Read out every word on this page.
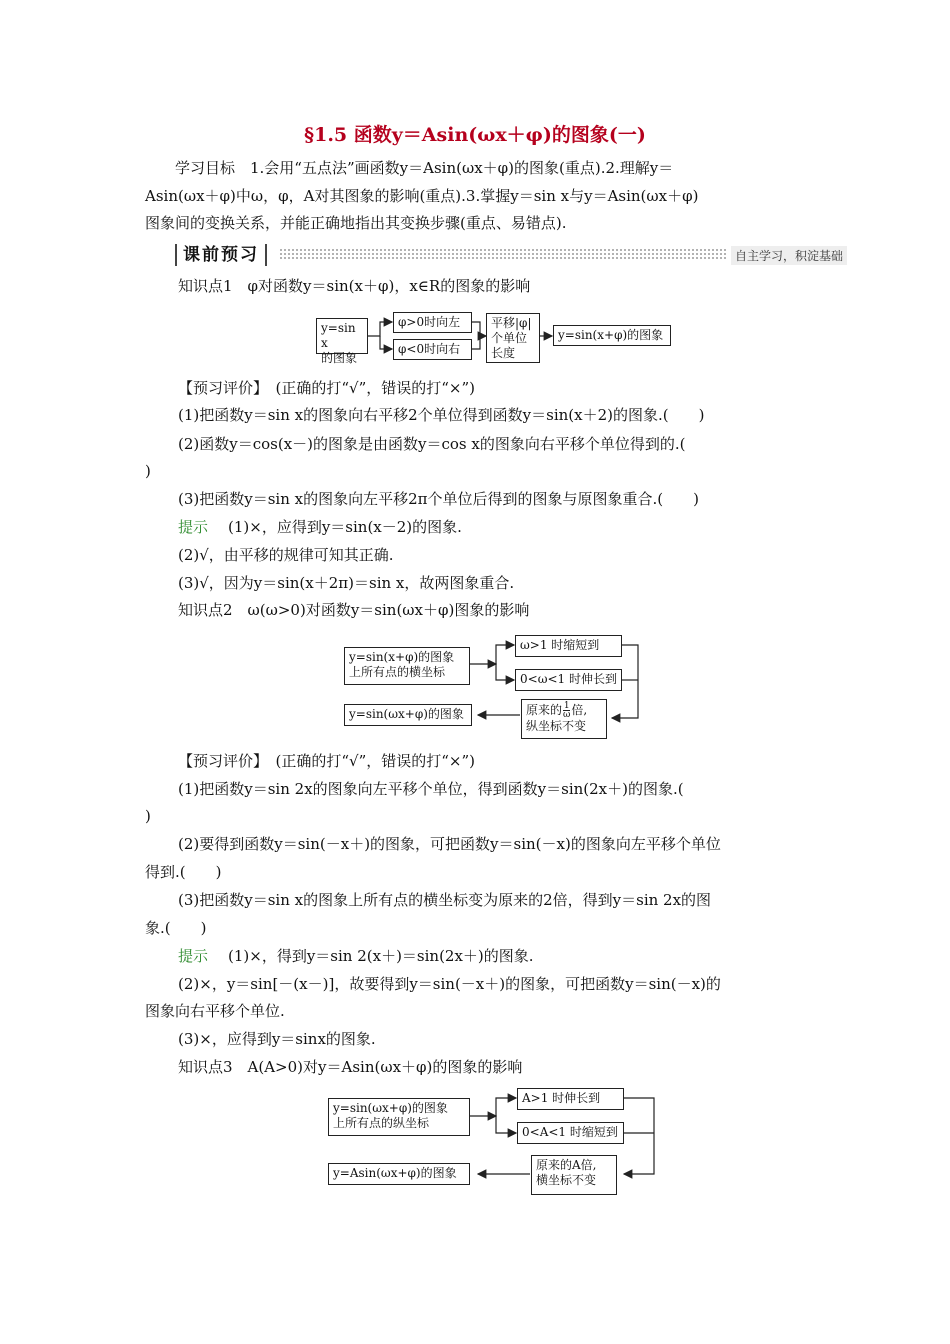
§1.5 函数y＝Asin(ωx＋φ)的图象(一)
学习目标　1.会用“五点法”画函数y＝Asin(ωx＋φ)的图象(重点).2.理解y＝
Asin(ωx＋φ)中ω，φ，A对其图象的影响(重点).3.掌握y＝sin x与y＝Asin(ωx＋φ)
图象间的变换关系，并能正确地指出其变换步骤(重点、易错点).
课前预习	自主学习，积淀基础
知识点1　φ对函数y＝sin(x＋φ)，x∈R的图象的影响
y=sin x
的图象
φ>0时向左
φ<0时向右
平移|φ|
个单位
长度
y=sin(x+φ)的图象
【预习评价】　(正确的打“√”，错误的打“×”)
(1)把函数y＝sin x的图象向右平移2个单位得到函数y＝sin(x＋2)的图象.(　　)
(2)函数y＝cos(x－)的图象是由函数y＝cos x的图象向右平移个单位得到的.(
)
(3)把函数y＝sin x的图象向左平移2π个单位后得到的图象与原图象重合.(　　)
提示 (1)×，应得到y＝sin(x－2)的图象.
(2)√，由平移的规律可知其正确.
(3)√，因为y＝sin(x＋2π)＝sin x，故两图象重合.
知识点2　ω(ω>0)对函数y＝sin(ωx＋φ)图象的影响
y=sin(x+φ)的图象
上所有点的横坐标
ω>1 时缩短到
0<ω<1 时伸长到
原来的 $\frac{1}{\omega}$ 倍,
纵坐标不变
y=sin(ωx+φ)的图象
【预习评价】　(正确的打“√”，错误的打“×”)
(1)把函数y＝sin 2x的图象向左平移个单位，得到函数y＝sin(2x＋)的图象.(
)
(2)要得到函数y＝sin(－x＋)的图象，可把函数y＝sin(－x)的图象向左平移个单位
得到.(　　)
(3)把函数y＝sin x的图象上所有点的横坐标变为原来的2倍，得到y＝sin 2x的图
象.(　　)
提示 (1)×，得到y＝sin 2(x＋)＝sin(2x＋)的图象.
(2)×，y＝sin[－(x－)]，故要得到y＝sin(－x＋)的图象，可把函数y＝sin(－x)的
图象向右平移个单位.
(3)×，应得到y＝sinx的图象.
知识点3　A(A>0)对y＝Asin(ωx＋φ)的图象的影响
y=sin(ωx+φ)的图象
上所有点的纵坐标
A>1 时伸长到
0<A<1 时缩短到
原来的A倍,
横坐标不变
y=Asin(ωx+φ)的图象
